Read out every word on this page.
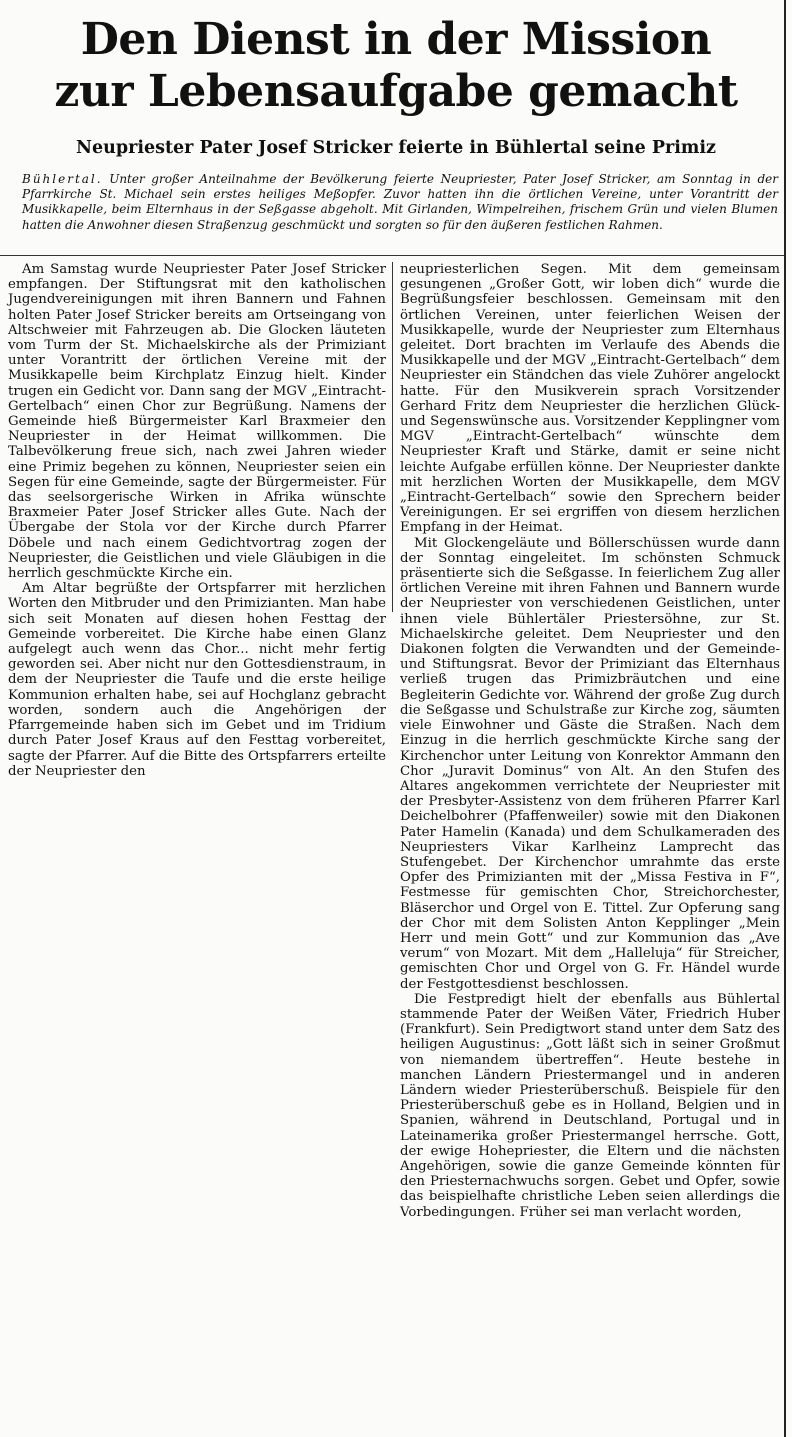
Den Dienst in der Mission
zur Lebensaufgabe gemacht
Neupriester Pater Josef Stricker feierte in Bühlertal seine Primiz
Bühlertal. Unter großer Anteilnahme der Bevölkerung feierte Neupriester, Pater Josef Stricker, am Sonntag in der Pfarrkirche St. Michael sein erstes heiliges Meßopfer. Zuvor hatten ihn die örtlichen Vereine, unter Vorantritt der Musikkapelle, beim Elternhaus in der Seßgasse abgeholt. Mit Girlanden, Wimpelreihen, frischem Grün und vielen Blumen hatten die Anwohner diesen Straßenzug geschmückt und sorgten so für den äußeren festlichen Rahmen.

Am Samstag wurde Neupriester Pater Josef Stricker empfangen. Der Stiftungsrat mit den katholischen Jugendvereinigungen mit ihren Bannern und Fahnen holten Pater Josef Stricker bereits am Ortseingang von Altschweier mit Fahrzeugen ab. Die Glocken läuteten vom Turm der St. Michaelskirche als der Primiziant unter Vorantritt der örtlichen Vereine mit der Musikkapelle beim Kirchplatz Einzug hielt. Kinder trugen ein Gedicht vor. Dann sang der MGV „Eintracht-Gertelbach“ einen Chor zur Begrüßung. Namens der Gemeinde hieß Bürgermeister Karl Braxmeier den Neupriester in der Heimat willkommen. Die Talbevölkerung freue sich, nach zwei Jahren wieder eine Primiz begehen zu können, Neupriester seien ein Segen für eine Gemeinde, sagte der Bürgermeister. Für das seelsorgerische Wirken in Afrika wünschte Braxmeier Pater Josef Stricker alles Gute. Nach der Übergabe der Stola vor der Kirche durch Pfarrer Döbele und nach einem Gedichtvortrag zogen der Neupriester, die Geistlichen und viele Gläubigen in die herrlich geschmückte Kirche ein.

Am Altar begrüßte der Ortspfarrer mit herzlichen Worten den Mitbruder und den Primizianten. Man habe sich seit Monaten auf diesen hohen Festtag der Gemeinde vorbereitet. Die Kirche habe einen Glanz aufgelegt auch wenn das Chor... nicht mehr fertig geworden sei. Aber nicht nur den Gottesdienstraum, in dem der Neupriester die Taufe und die erste heilige Kommunion erhalten habe, sei auf Hochglanz gebracht worden, sondern auch die Angehörigen der Pfarrgemeinde haben sich im Gebet und im Tridium durch Pater Josef Kraus auf den Festtag vorbereitet, sagte der Pfarrer. Auf die Bitte des Ortspfarrers erteilte der Neupriester den

neupriesterlichen Segen. Mit dem gemeinsam gesungenen „Großer Gott, wir loben dich“ wurde die Begrüßungsfeier beschlossen. Gemeinsam mit den örtlichen Vereinen, unter feierlichen Weisen der Musikkapelle, wurde der Neupriester zum Elternhaus geleitet. Dort brachten im Verlaufe des Abends die Musikkapelle und der MGV „Eintracht-Gertelbach“ dem Neupriester ein Ständchen das viele Zuhörer angelockt hatte. Für den Musikverein sprach Vorsitzender Gerhard Fritz dem Neupriester die herzlichen Glück- und Segenswünsche aus. Vorsitzender Kepplingner vom MGV „Eintracht-Gertelbach“ wünschte dem Neupriester Kraft und Stärke, damit er seine nicht leichte Aufgabe erfüllen könne. Der Neupriester dankte mit herzlichen Worten der Musikkapelle, dem MGV „Eintracht-Gertelbach“ sowie den Sprechern beider Vereinigungen. Er sei ergriffen von diesem herzlichen Empfang in der Heimat.

Mit Glockengeläute und Böllerschüssen wurde dann der Sonntag eingeleitet. Im schönsten Schmuck präsentierte sich die Seßgasse. In feierlichem Zug aller örtlichen Vereine mit ihren Fahnen und Bannern wurde der Neupriester von verschiedenen Geistlichen, unter ihnen viele Bühlertäler Priestersöhne, zur St. Michaelskirche geleitet. Dem Neupriester und den Diakonen folgten die Verwandten und der Gemeinde- und Stiftungsrat. Bevor der Primiziant das Elternhaus verließ trugen das Primizbräutchen und eine Begleiterin Gedichte vor. Während der große Zug durch die Seßgasse und Schulstraße zur Kirche zog, säumten viele Einwohner und Gäste die Straßen. Nach dem Einzug in die herrlich geschmückte Kirche sang der Kirchenchor unter Leitung von Konrektor Ammann den Chor „Juravit Dominus“ von Alt. An den Stufen des Altares angekommen verrichtete der Neupriester mit der Presbyter-Assistenz von dem früheren Pfarrer Karl Deichelbohrer (Pfaffenweiler) sowie mit den Diakonen Pater Hamelin (Kanada) und dem Schulkameraden des Neupriesters Vikar Karlheinz Lamprecht das Stufengebet. Der Kirchenchor umrahmte das erste Opfer des Primizianten mit der „Missa Festiva in F“, Festmesse für gemischten Chor, Streichorchester, Bläserchor und Orgel von E. Tittel. Zur Opferung sang der Chor mit dem Solisten Anton Kepplinger „Mein Herr und mein Gott“ und zur Kommunion das „Ave verum“ von Mozart. Mit dem „Halleluja“ für Streicher, gemischten Chor und Orgel von G. Fr. Händel wurde der Festgottesdienst beschlossen.

Die Festpredigt hielt der ebenfalls aus Bühlertal stammende Pater der Weißen Väter, Friedrich Huber (Frankfurt). Sein Predigtwort stand unter dem Satz des heiligen Augustinus: „Gott läßt sich in seiner Großmut von niemandem übertreffen“. Heute bestehe in manchen Ländern Priestermangel und in anderen Ländern wieder Priesterüberschuß. Beispiele für den Priesterüberschuß gebe es in Holland, Belgien und in Spanien, während in Deutschland, Portugal und in Lateinamerika großer Priestermangel herrsche. Gott, der ewige Hohepriester, die Eltern und die nächsten Angehörigen, sowie die ganze Gemeinde könnten für den Priesternachwuchs sorgen. Gebet und Opfer, sowie das beispielhafte christliche Leben seien allerdings die Vorbedingungen. Früher sei man verlacht worden,
